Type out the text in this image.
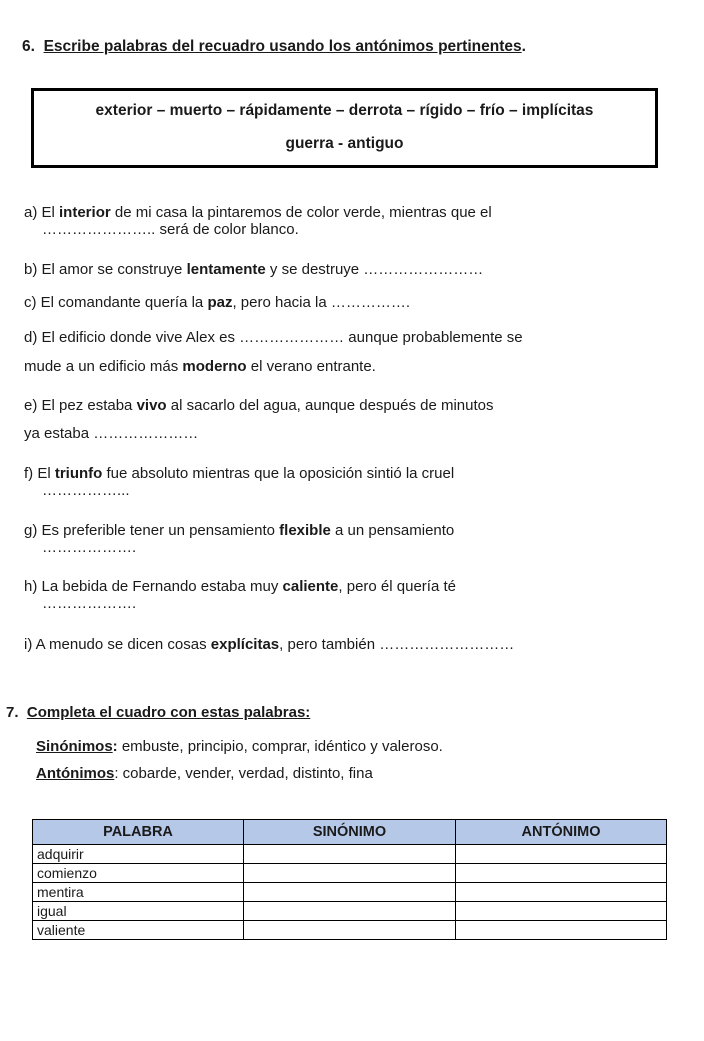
6. Escribe palabras del recuadro usando los antónimos pertinentes.
exterior – muerto – rápidamente – derrota – rígido – frío – implícitas
guerra - antiguo
a) El interior de mi casa la pintaremos de color verde, mientras que el
………………….. será de color blanco.
b) El amor se construye lentamente y se destruye ……………………
c) El comandante quería la paz, pero hacia la …………….
d) El edificio donde vive Alex es ………………… aunque probablemente se
mude a un edificio más moderno el verano entrante.
e) El pez estaba vivo al sacarlo del agua, aunque después de minutos
ya estaba …………………
f) El triunfo fue absoluto mientras que la oposición sintió la cruel
……………...
g) Es preferible tener un pensamiento flexible a un pensamiento
……………….
h) La bebida de Fernando estaba muy caliente, pero él quería té
……………….
i) A menudo se dicen cosas explícitas, pero también ………………………
7. Completa el cuadro con estas palabras:
Sinónimos: embuste, principio, comprar, idéntico y valeroso.
Antónimos: cobarde, vender, verdad, distinto, fina
PALABRA	SINÓNIMO	ANTÓNIMO
adquirir		
comienzo		
mentira		
igual		
valiente		
